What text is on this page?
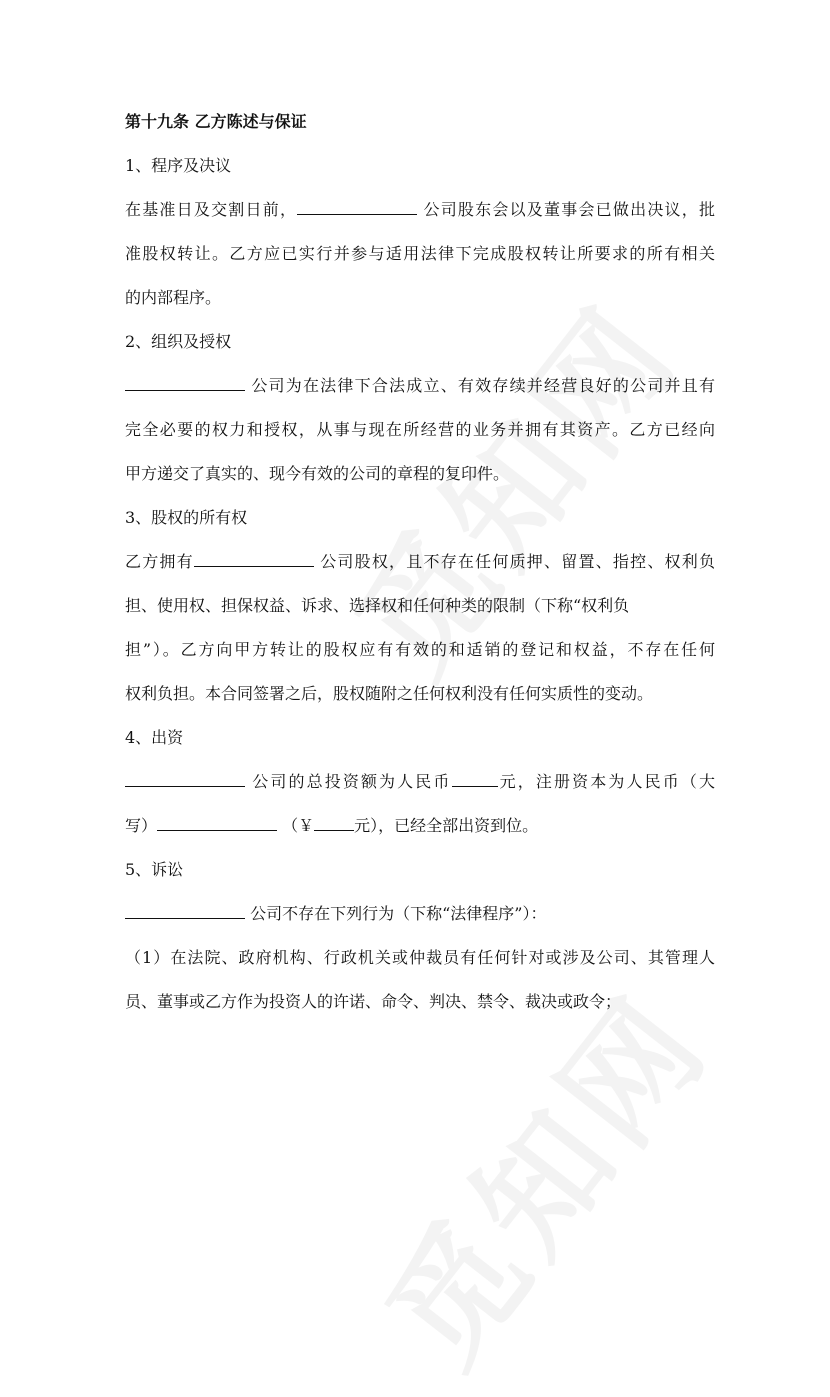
第十九条 乙方陈述与保证
1、程序及决议
在基准日及交割日前，	公司股东会以及董事会已做出决议，批
准股权转让。乙方应已实行并参与适用法律下完成股权转让所要求的所有相关
的内部程序。
2、组织及授权
公司为在法律下合法成立、有效存续并经营良好的公司并且有
完全必要的权力和授权，从事与现在所经营的业务并拥有其资产。乙方已经向
甲方递交了真实的、现今有效的公司的章程的复印件。
3、股权的所有权
乙方拥有	公司股权，且不存在任何质押、留置、指控、权利负
担、使用权、担保权益、诉求、选择权和任何种类的限制（下称“权利负
担”）。乙方向甲方转让的股权应有有效的和适销的登记和权益，不存在任何
权利负担。本合同签署之后，股权随附之任何权利没有任何实质性的变动。
4、出资
公司的总投资额为人民币	元，注册资本为人民币（大
写）	（￥	元），已经全部出资到位。
5、诉讼
公司不存在下列行为（下称“法律程序”）：
（1）在法院、政府机构、行政机关或仲裁员有任何针对或涉及公司、其管理人
员、董事或乙方作为投资人的许诺、命令、判决、禁令、裁决或政令；
